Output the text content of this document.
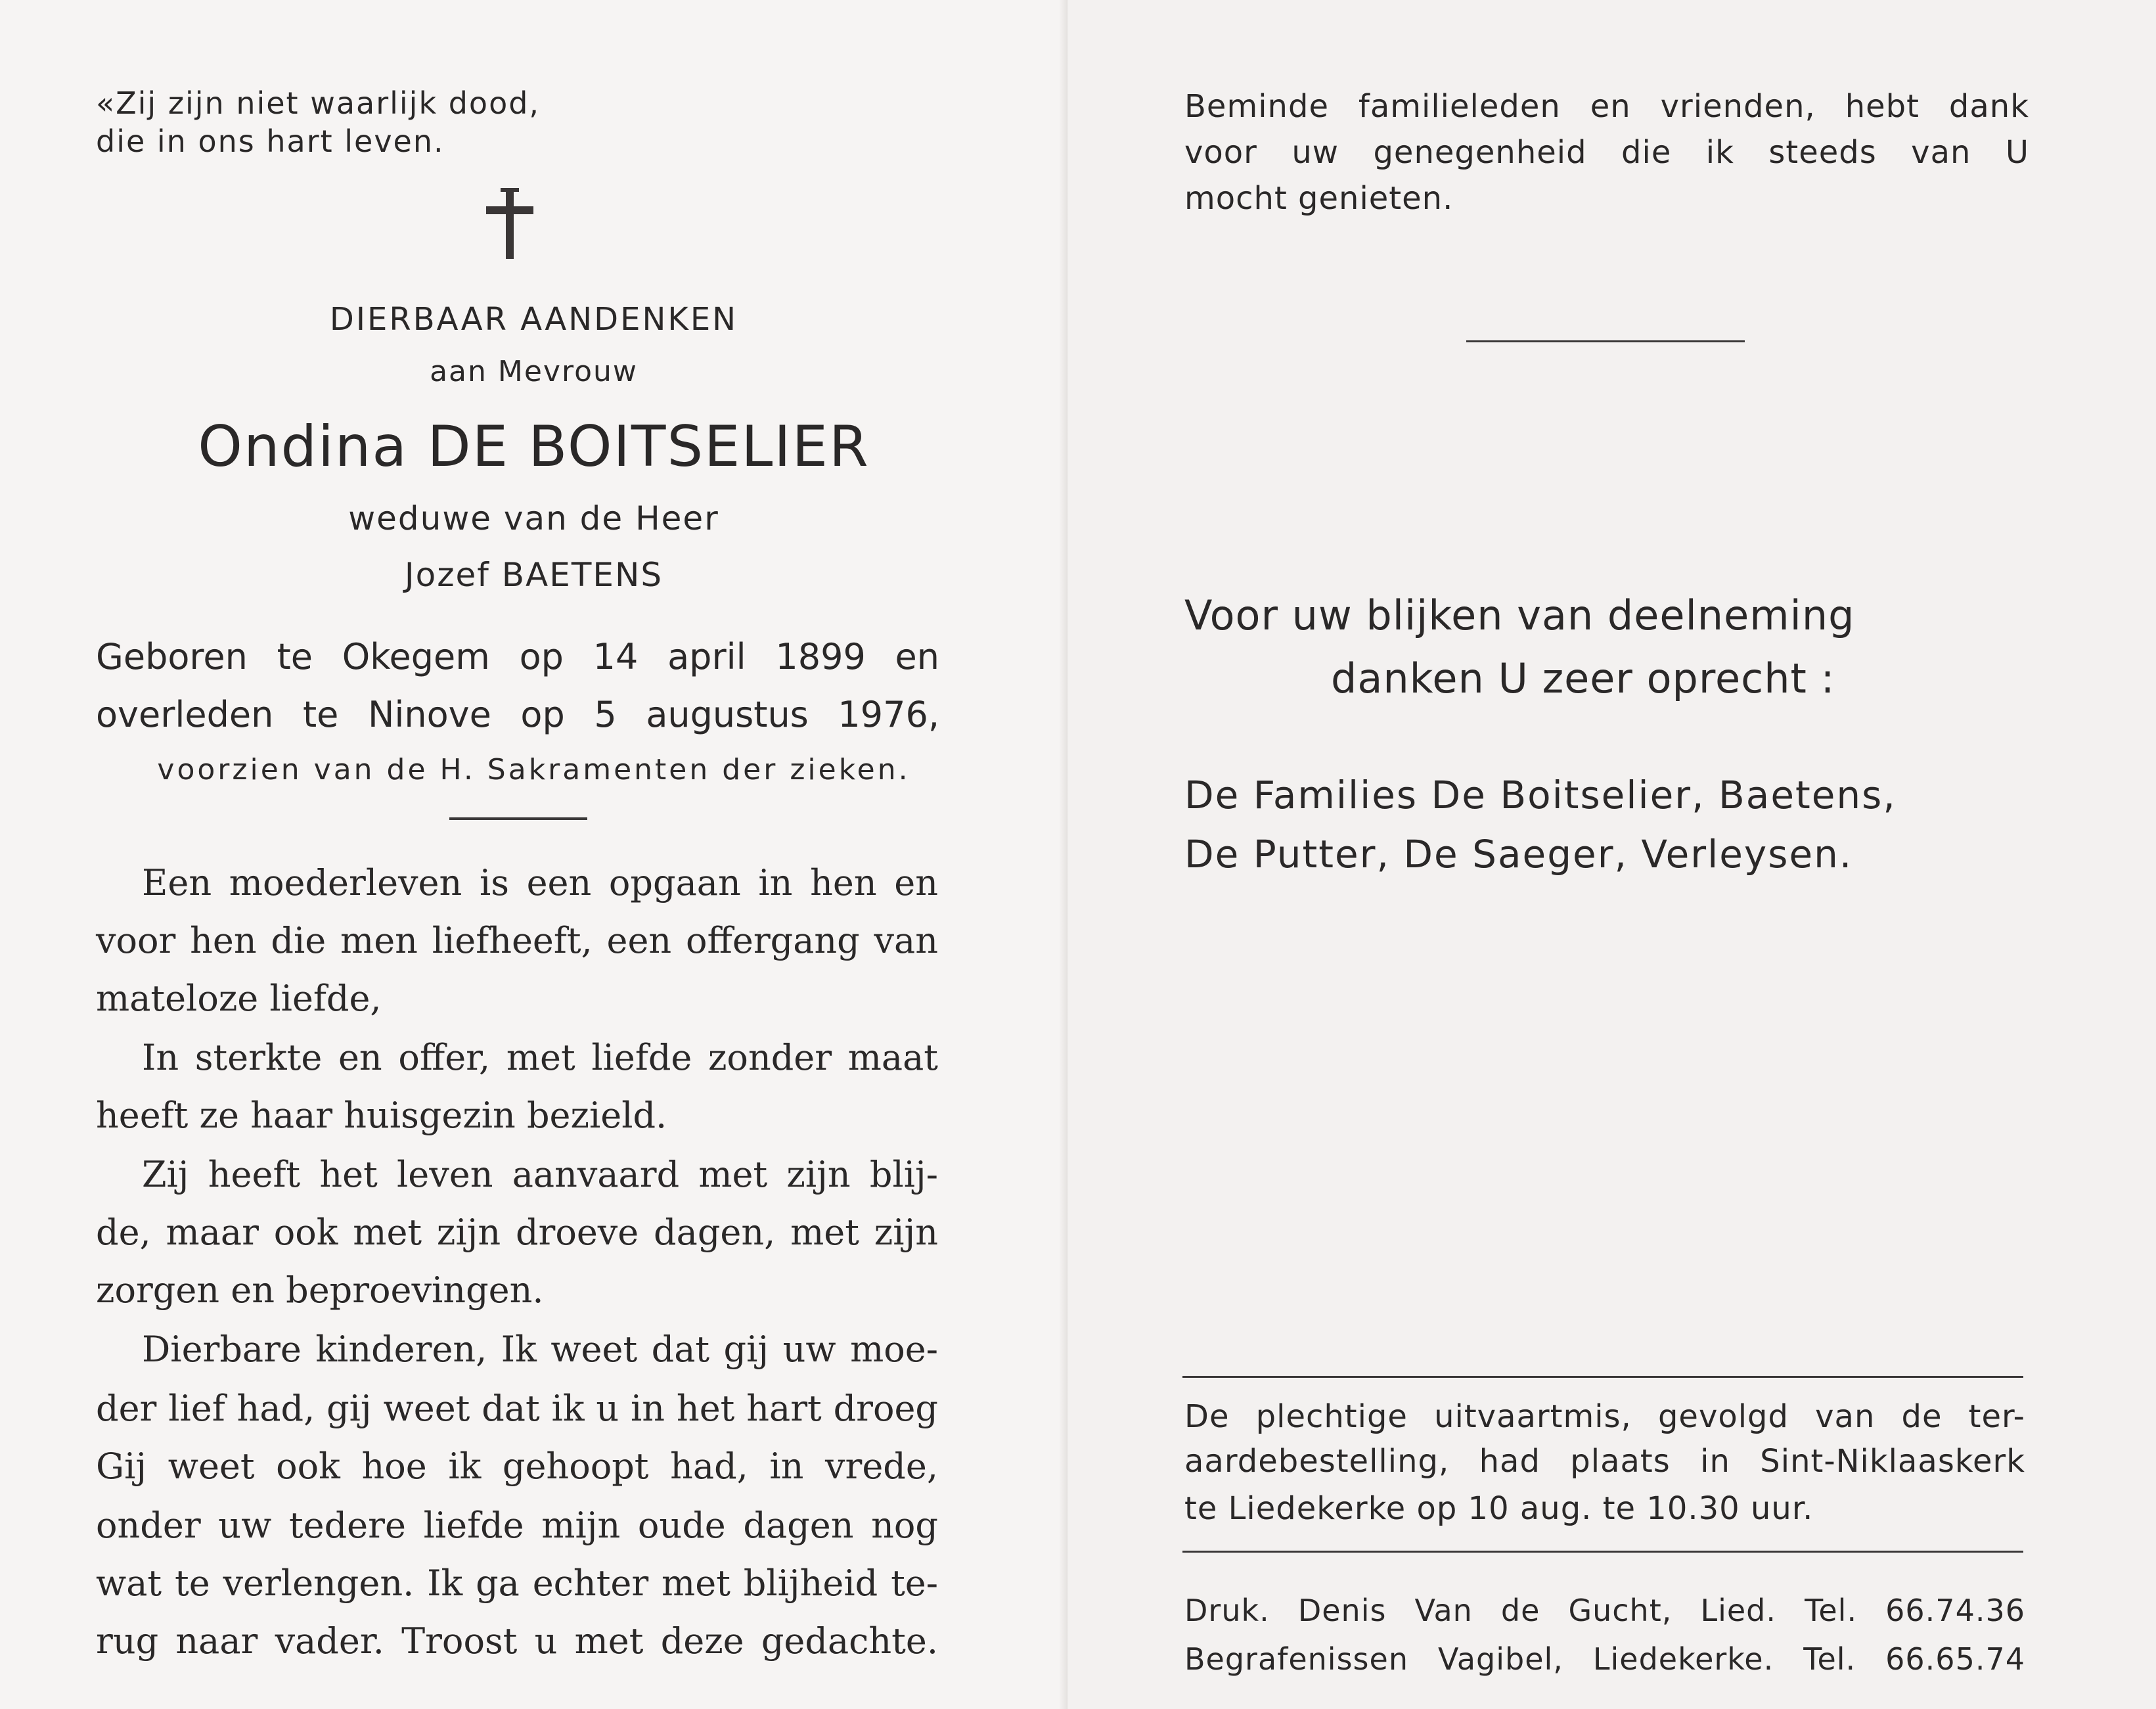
«Zij zijn niet waarlijk dood,
die in ons hart leven.
DIERBAAR AANDENKEN
aan Mevrouw
Ondina DE BOITSELIER
weduwe van de Heer
Jozef BAETENS
Geboren te Okegem op 14 april 1899 en
overleden te Ninove op 5 augustus 1976,
voorzien van de H. Sakramenten der zieken.
Een moederleven is een opgaan in hen en
voor hen die men liefheeft, een offergang van
mateloze liefde,
In sterkte en offer, met liefde zonder maat
heeft ze haar huisgezin bezield.
Zij heeft het leven aanvaard met zijn blij-
de, maar ook met zijn droeve dagen, met zijn
zorgen en beproevingen.
Dierbare kinderen, Ik weet dat gij uw moe-
der lief had, gij weet dat ik u in het hart droeg
Gij weet ook hoe ik gehoopt had, in vrede,
onder uw tedere liefde mijn oude dagen nog
wat te verlengen. Ik ga echter met blijheid te-
rug naar vader. Troost u met deze gedachte.
Beminde familieleden en vrienden, hebt dank
voor uw genegenheid die ik steeds van U
mocht genieten.
Voor uw blijken van deelneming
danken U zeer oprecht :
De Families De Boitselier, Baetens,
De Putter, De Saeger, Verleysen.
De plechtige uitvaartmis, gevolgd van de ter-
aardebestelling, had plaats in Sint-Niklaaskerk
te Liedekerke op 10 aug. te 10.30 uur.
Druk. Denis Van de Gucht, Lied. Tel. 66.74.36
Begrafenissen Vagibel, Liedekerke. Tel. 66.65.74
